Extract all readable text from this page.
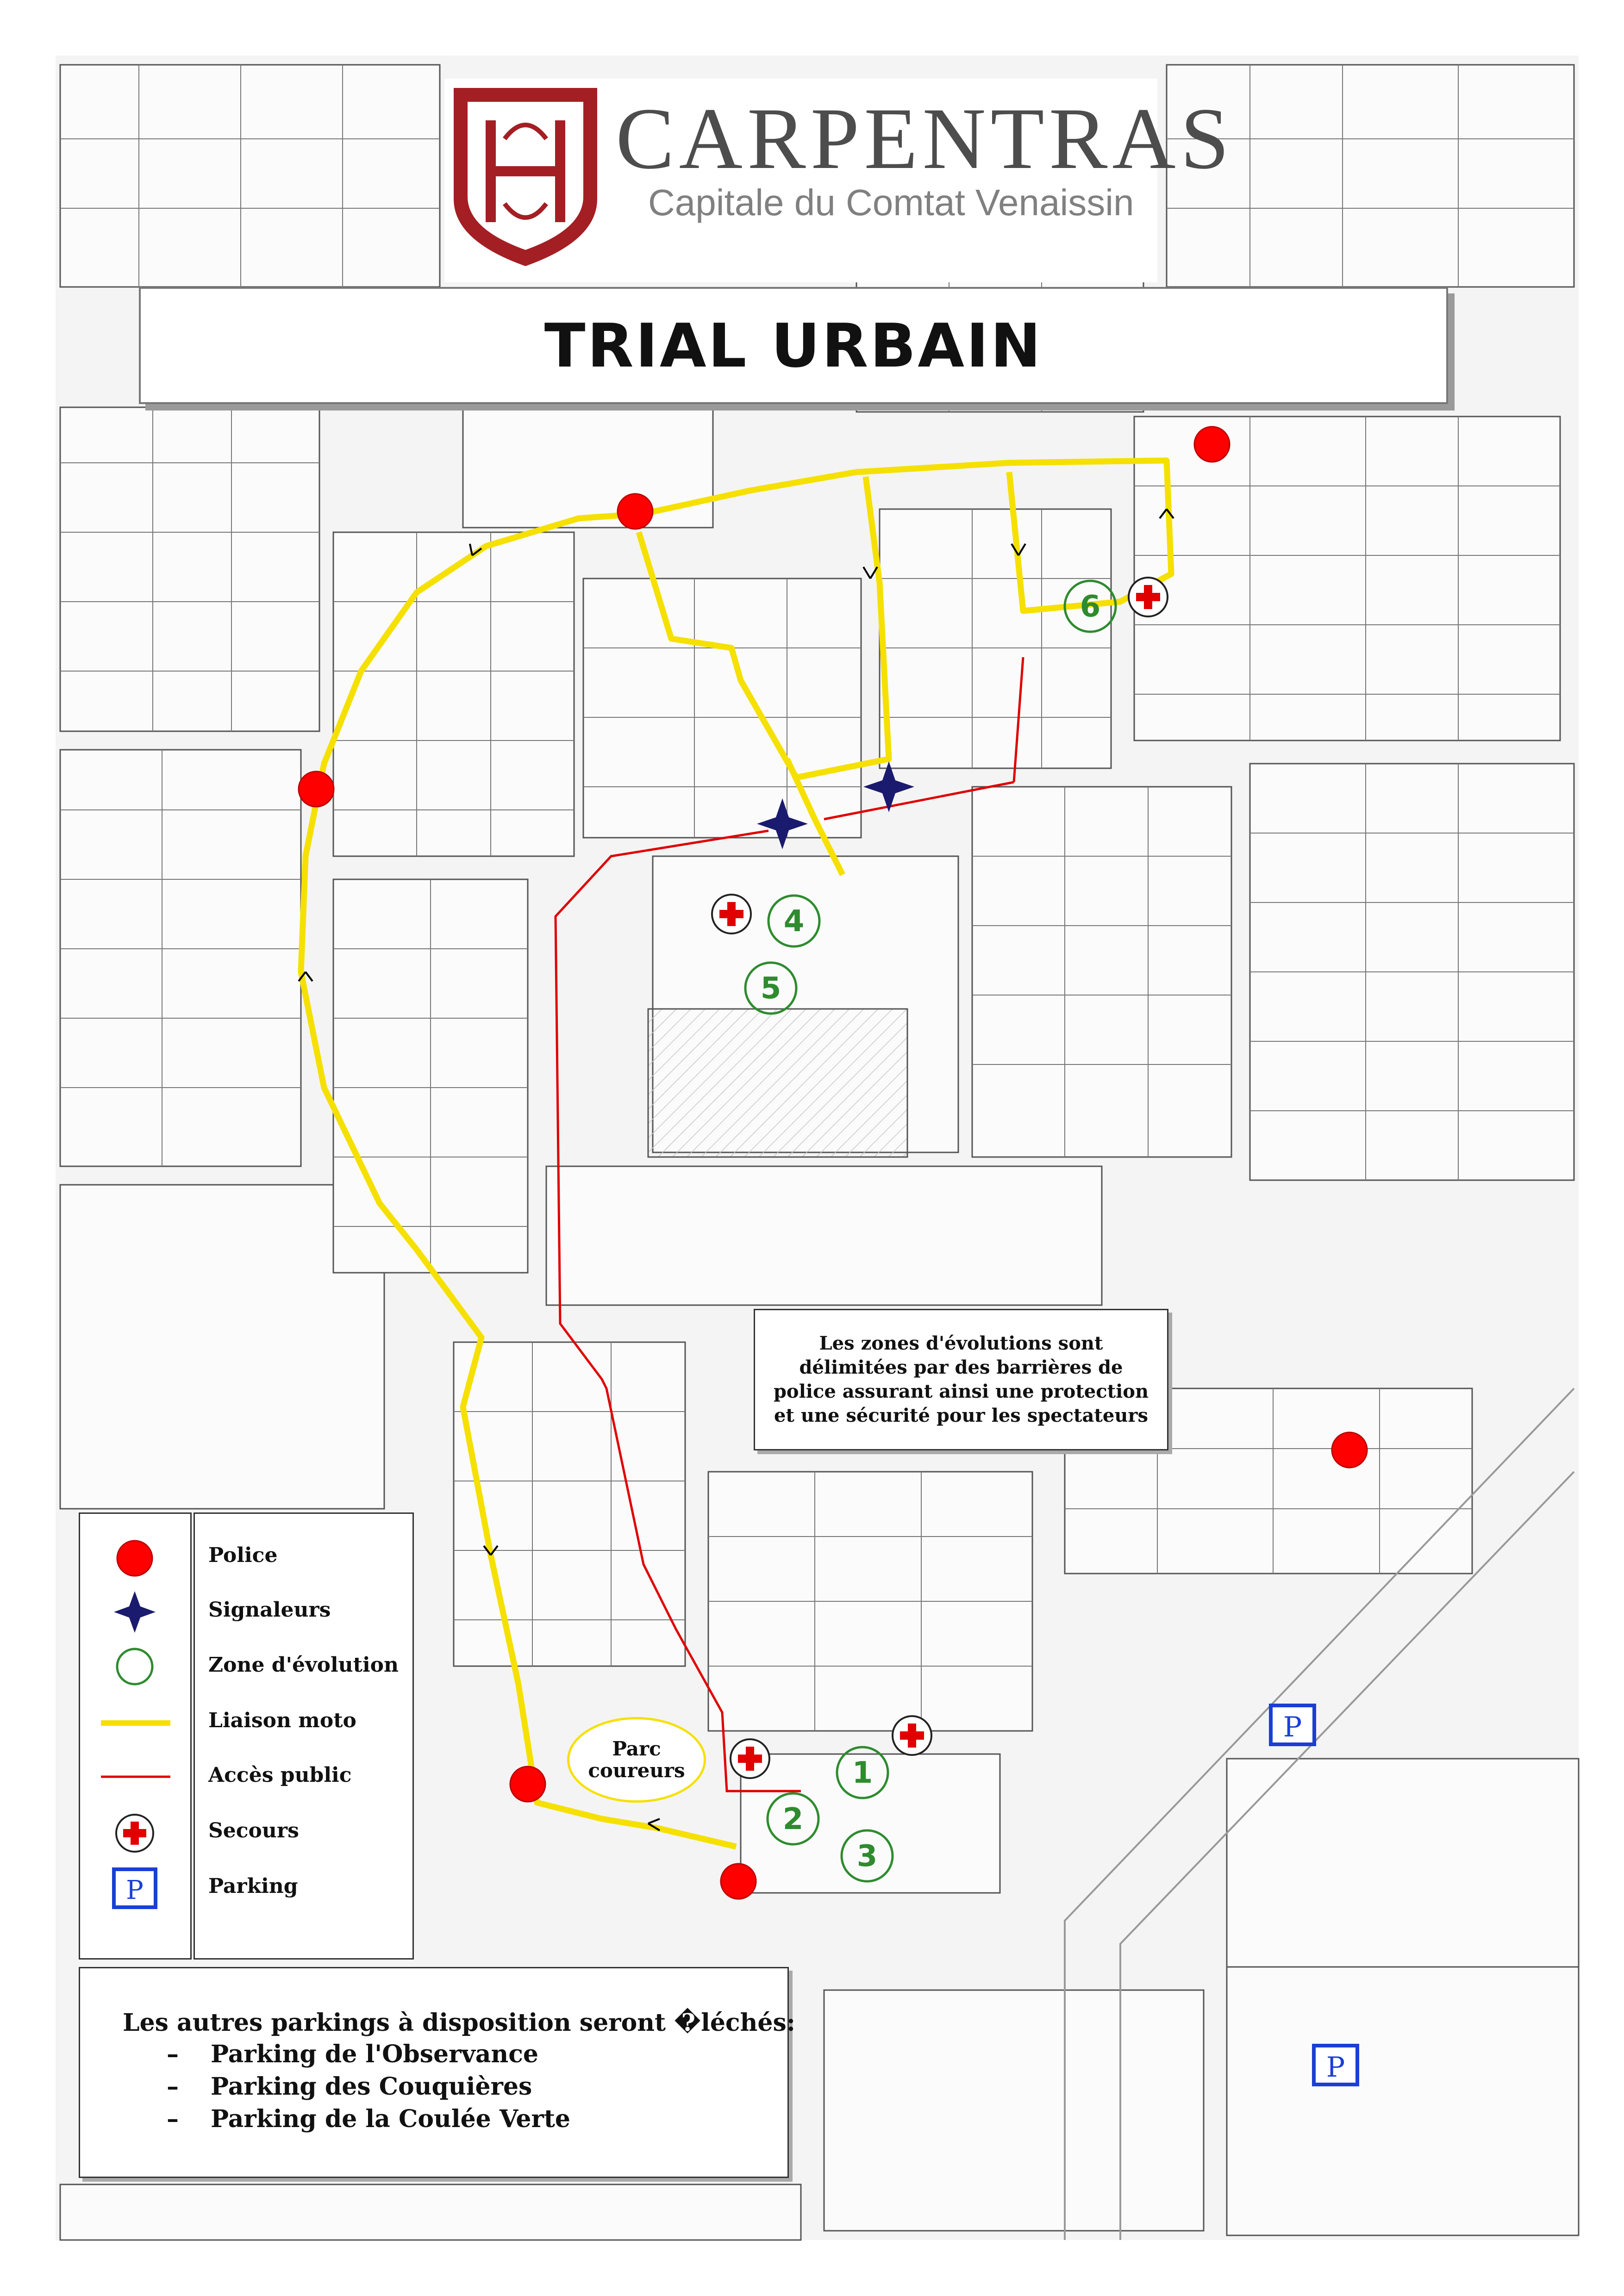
1
2
3
4
5
6
P
P
CARPENTRAS
Capitale du Comtat Venaissin
TRIAL URBAIN
Les zones d'évolutions sont délimitées par des barrières de police assurant ainsi une protection et une sécurité pour les spectateurs
Parc
coureurs
P
Police
Signaleurs
Zone d'évolution
Liaison moto
Accès public
Secours
Parking
Les autres parkings à disposition seront �léchés:
– Parking de l'Observance
– Parking des Couquières
– Parking de la Coulée Verte
